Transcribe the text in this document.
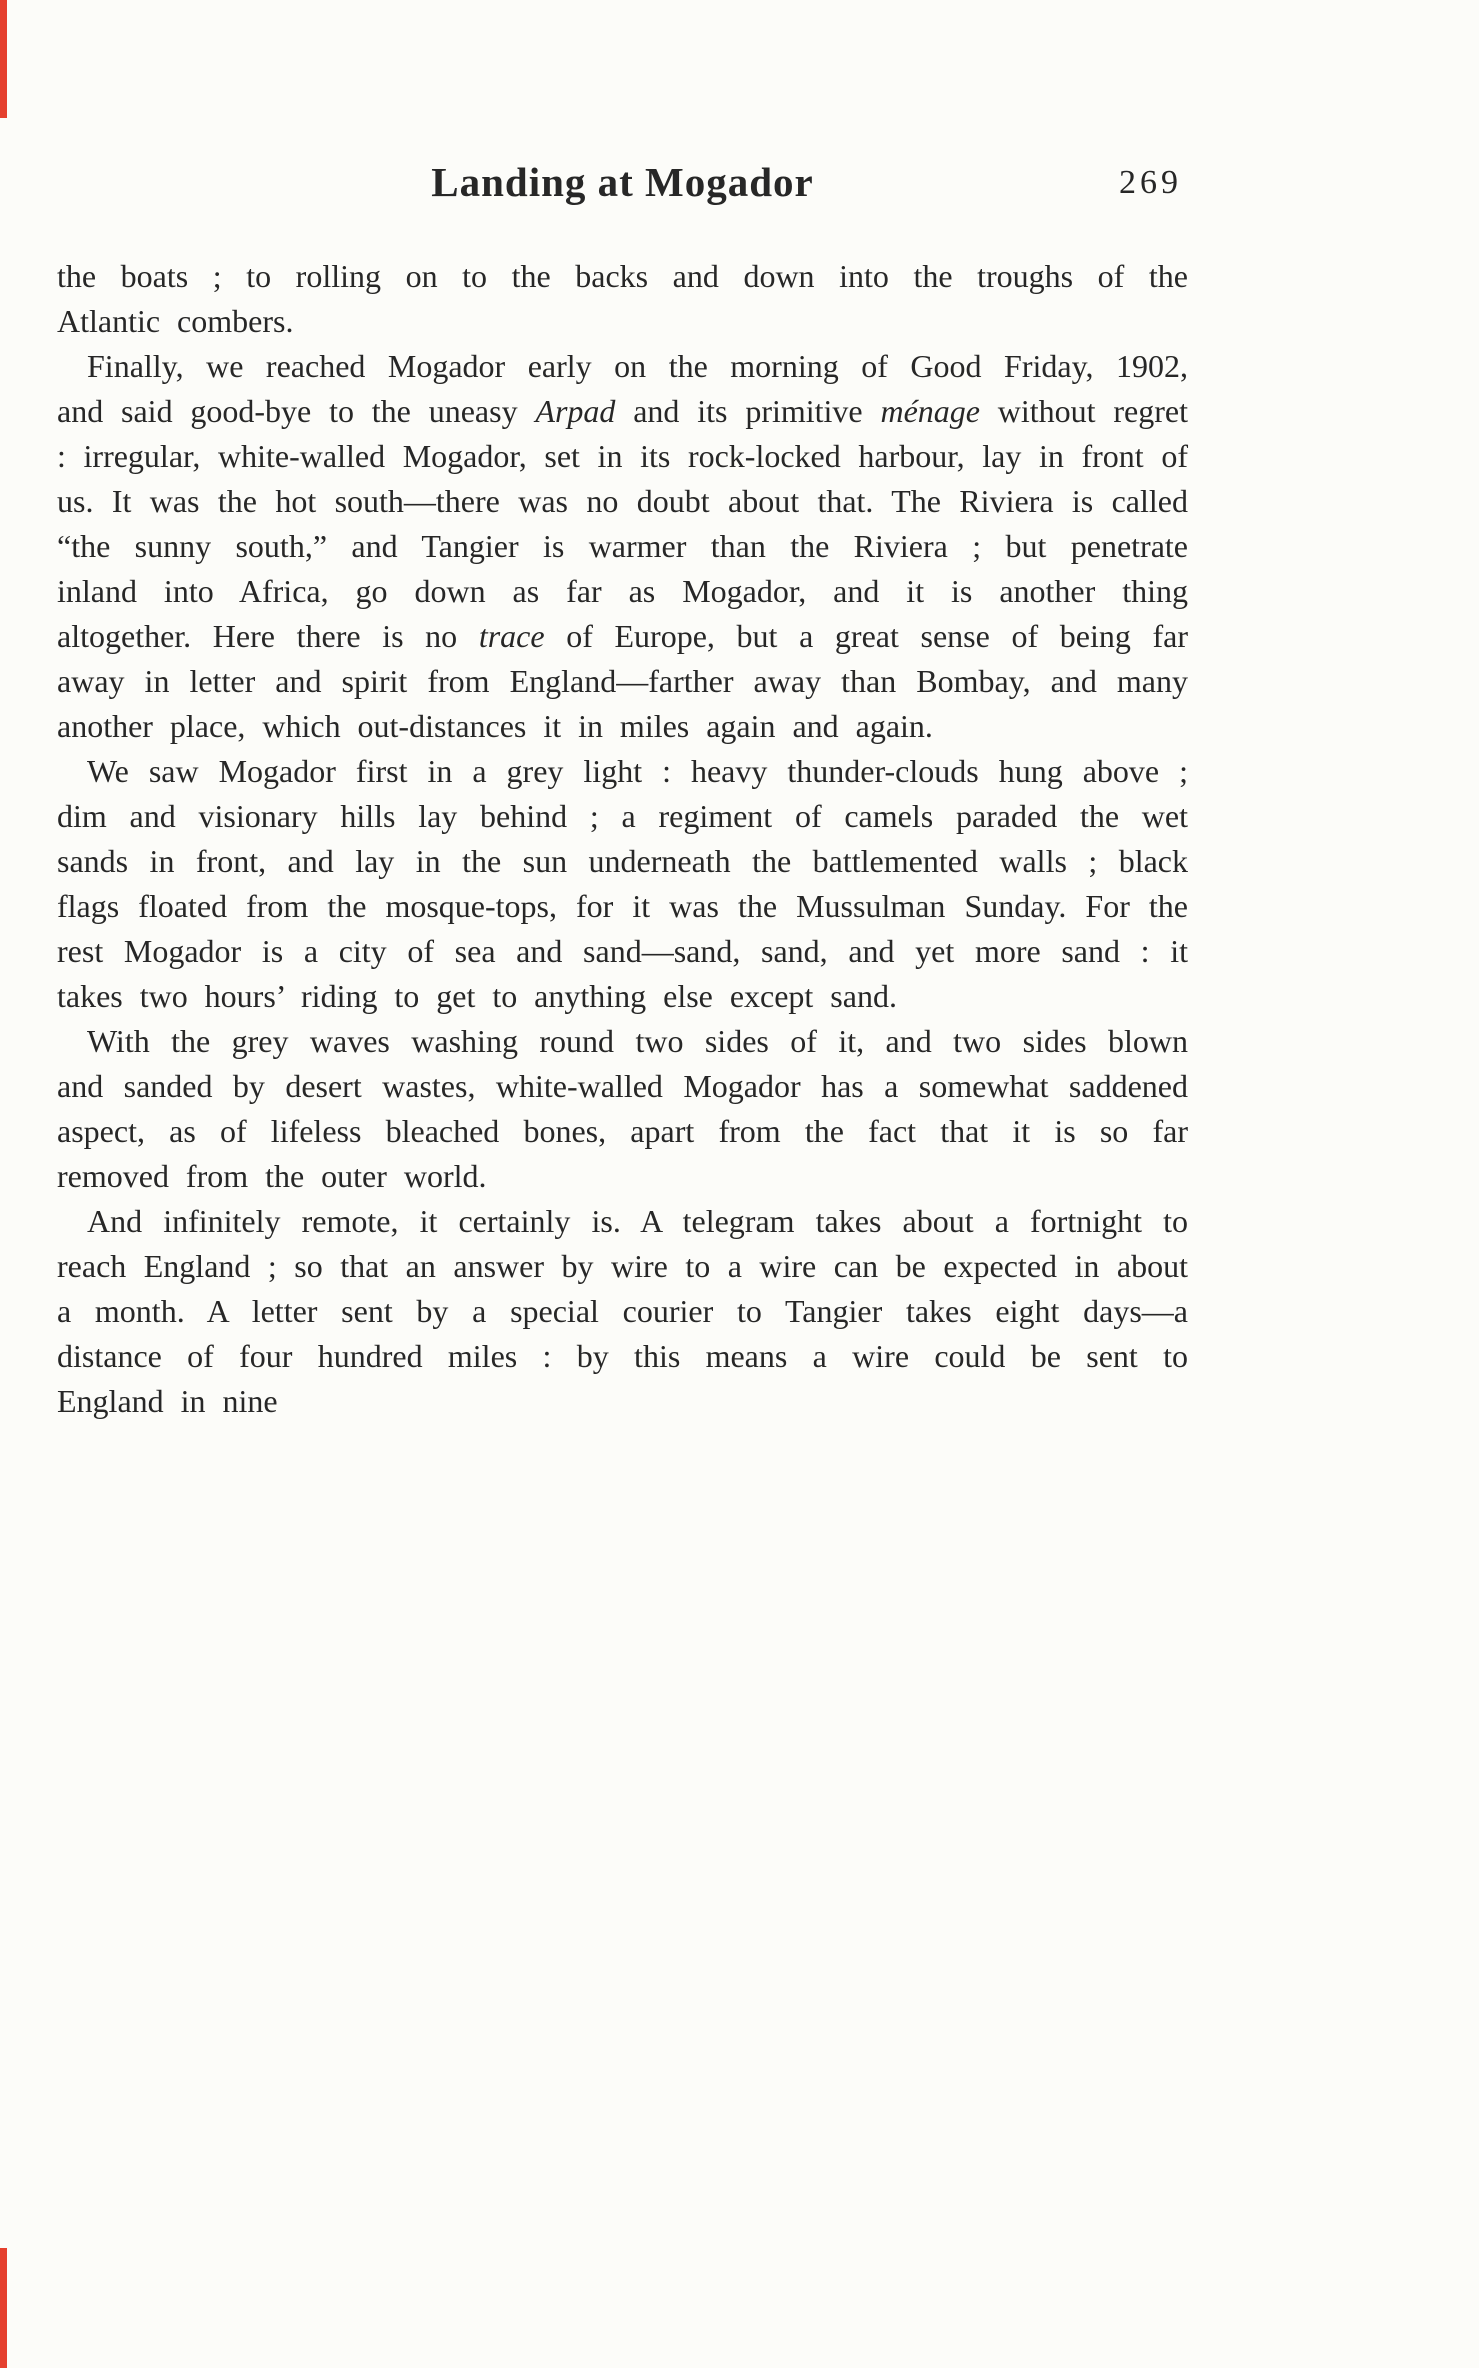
Landing at Mogador	269

the boats ; to rolling on to the backs and down into the troughs of the Atlantic combers.

Finally, we reached Mogador early on the morning of Good Friday, 1902, and said good-bye to the uneasy Arpad and its primitive ménage without regret : irregular, white-walled Mogador, set in its rock-locked harbour, lay in front of us. It was the hot south—there was no doubt about that. The Riviera is called “the sunny south,” and Tangier is warmer than the Riviera ; but penetrate inland into Africa, go down as far as Mogador, and it is another thing altogether. Here there is no trace of Europe, but a great sense of being far away in letter and spirit from England—farther away than Bombay, and many another place, which out-distances it in miles again and again.

We saw Mogador first in a grey light : heavy thunder-clouds hung above ; dim and visionary hills lay behind ; a regiment of camels paraded the wet sands in front, and lay in the sun underneath the battlemented walls ; black flags floated from the mosque-tops, for it was the Mussulman Sunday. For the rest Mogador is a city of sea and sand—sand, sand, and yet more sand : it takes two hours’ riding to get to anything else except sand.

With the grey waves washing round two sides of it, and two sides blown and sanded by desert wastes, white-walled Mogador has a somewhat saddened aspect, as of lifeless bleached bones, apart from the fact that it is so far removed from the outer world.

And infinitely remote, it certainly is. A telegram takes about a fortnight to reach England ; so that an answer by wire to a wire can be expected in about a month. A letter sent by a special courier to Tangier takes eight days—a distance of four hundred miles : by this means a wire could be sent to England in nine
